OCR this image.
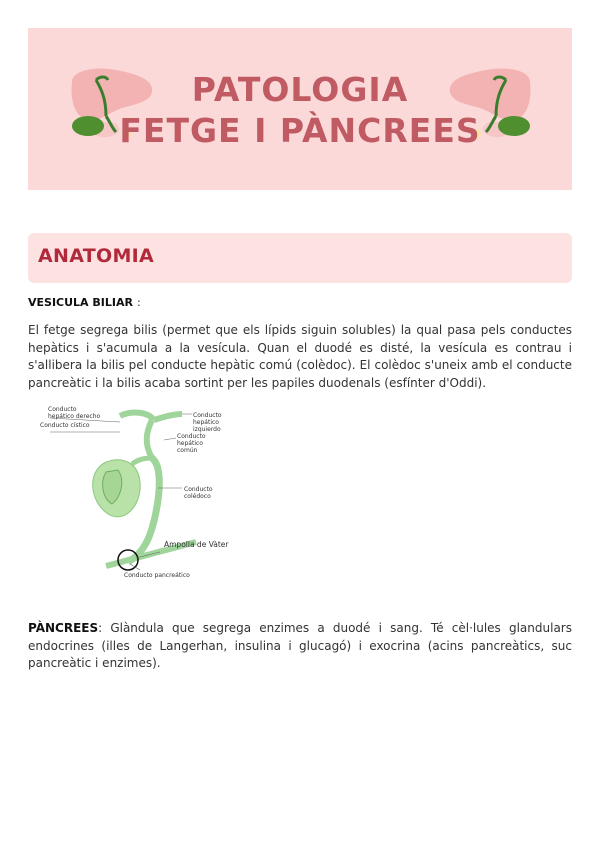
PATOLOGIA
FETGE I PÀNCREES
ANATOMIA
VESICULA BILIAR :

El fetge segrega bilis (permet que els lípids siguin solubles) la qual pasa pels conductes hepàtics i s'acumula a la vesícula. Quan el duodé es disté, la vesícula es contrau i s'allibera la bilis pel conducte hepàtic comú (colèdoc). El colèdoc s'uneix amb el conducte pancreàtic i la bilis acaba sortint per les papiles duodenals (esfínter d'Oddi).

Conducto
hepático derecho
Conducto cístico
Conducto
hepático
izquierdo
Conducto
hepático
común
Conducto
colédoco
Ampolla de Vàter
Conducto pancreático

PÀNCREES: Glàndula que segrega enzimes a duodé i sang. Té cèl·lules glandulars endocrines (illes de Langerhan, insulina i glucagó) i exocrina (acins pancreàtics, suc pancreàtic i enzimes).
